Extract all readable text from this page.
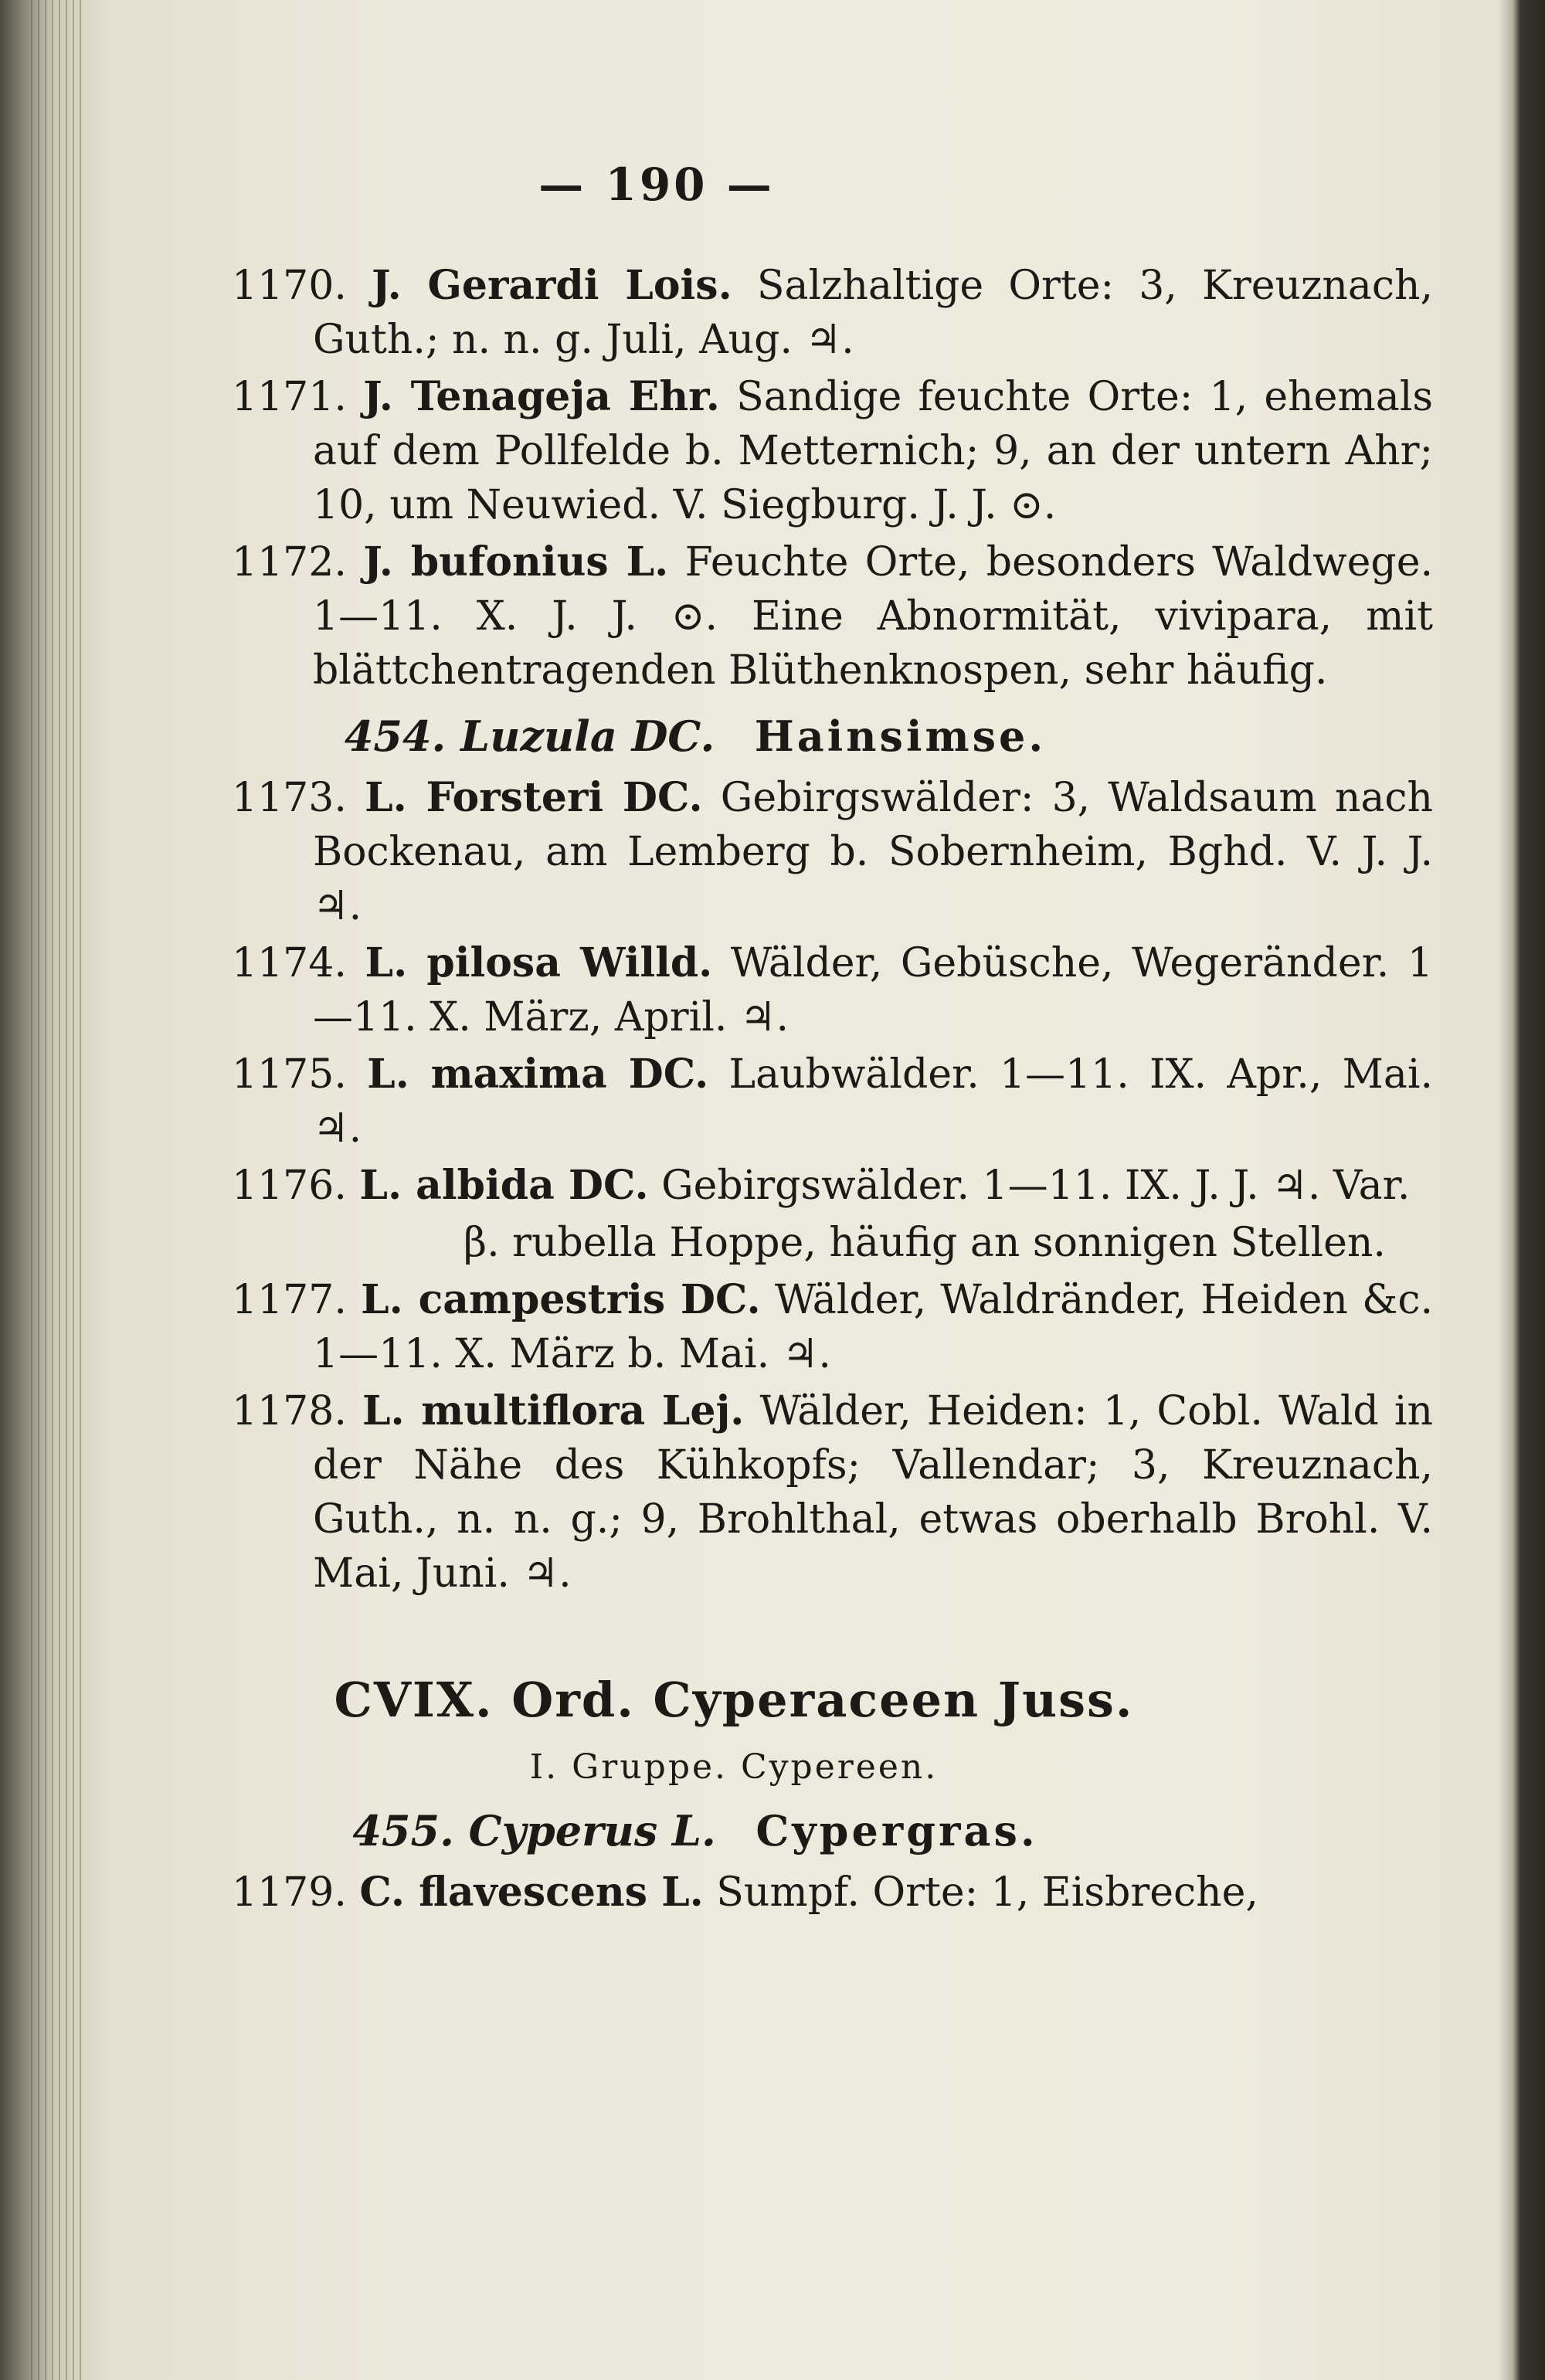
— 190 —
1170. J. Gerardi Lois. Salzhaltige Orte: 3, Kreuznach, Guth.; n. n. g. Juli, Aug. ♃.
1171. J. Tenageja Ehr. Sandige feuchte Orte: 1, ehemals auf dem Pollfelde b. Metternich; 9, an der untern Ahr; 10, um Neuwied. V. Siegburg. J. J. ⊙.
1172. J. bufonius L. Feuchte Orte, besonders Waldwege. 1—11. X. J. J. ⊙. Eine Abnormität, vivipara, mit blättchentragenden Blüthenknospen, sehr häufig.
454. Luzula DC. Hainsimse.
1173. L. Forsteri DC. Gebirgswälder: 3, Waldsaum nach Bockenau, am Lemberg b. Sobernheim, Bghd. V. J. J. ♃.
1174. L. pilosa Willd. Wälder, Gebüsche, Wegeränder. 1—11. X. März, April. ♃.
1175. L. maxima DC. Laubwälder. 1—11. IX. Apr., Mai. ♃.
1176. L. albida DC. Gebirgswälder. 1—11. IX. J. J. ♃. Var.
β. rubella Hoppe, häufig an sonnigen Stellen.
1177. L. campestris DC. Wälder, Waldränder, Heiden &c. 1—11. X. März b. Mai. ♃.
1178. L. multiflora Lej. Wälder, Heiden: 1, Cobl. Wald in der Nähe des Kühkopfs; Vallendar; 3, Kreuznach, Guth., n. n. g.; 9, Brohlthal, etwas oberhalb Brohl. V. Mai, Juni. ♃.
CVIX. Ord. Cyperaceen Juss.
I. Gruppe. Cypereen.
455. Cyperus L. Cypergras.
1179. C. flavescens L. Sumpf. Orte: 1, Eisbreche,
